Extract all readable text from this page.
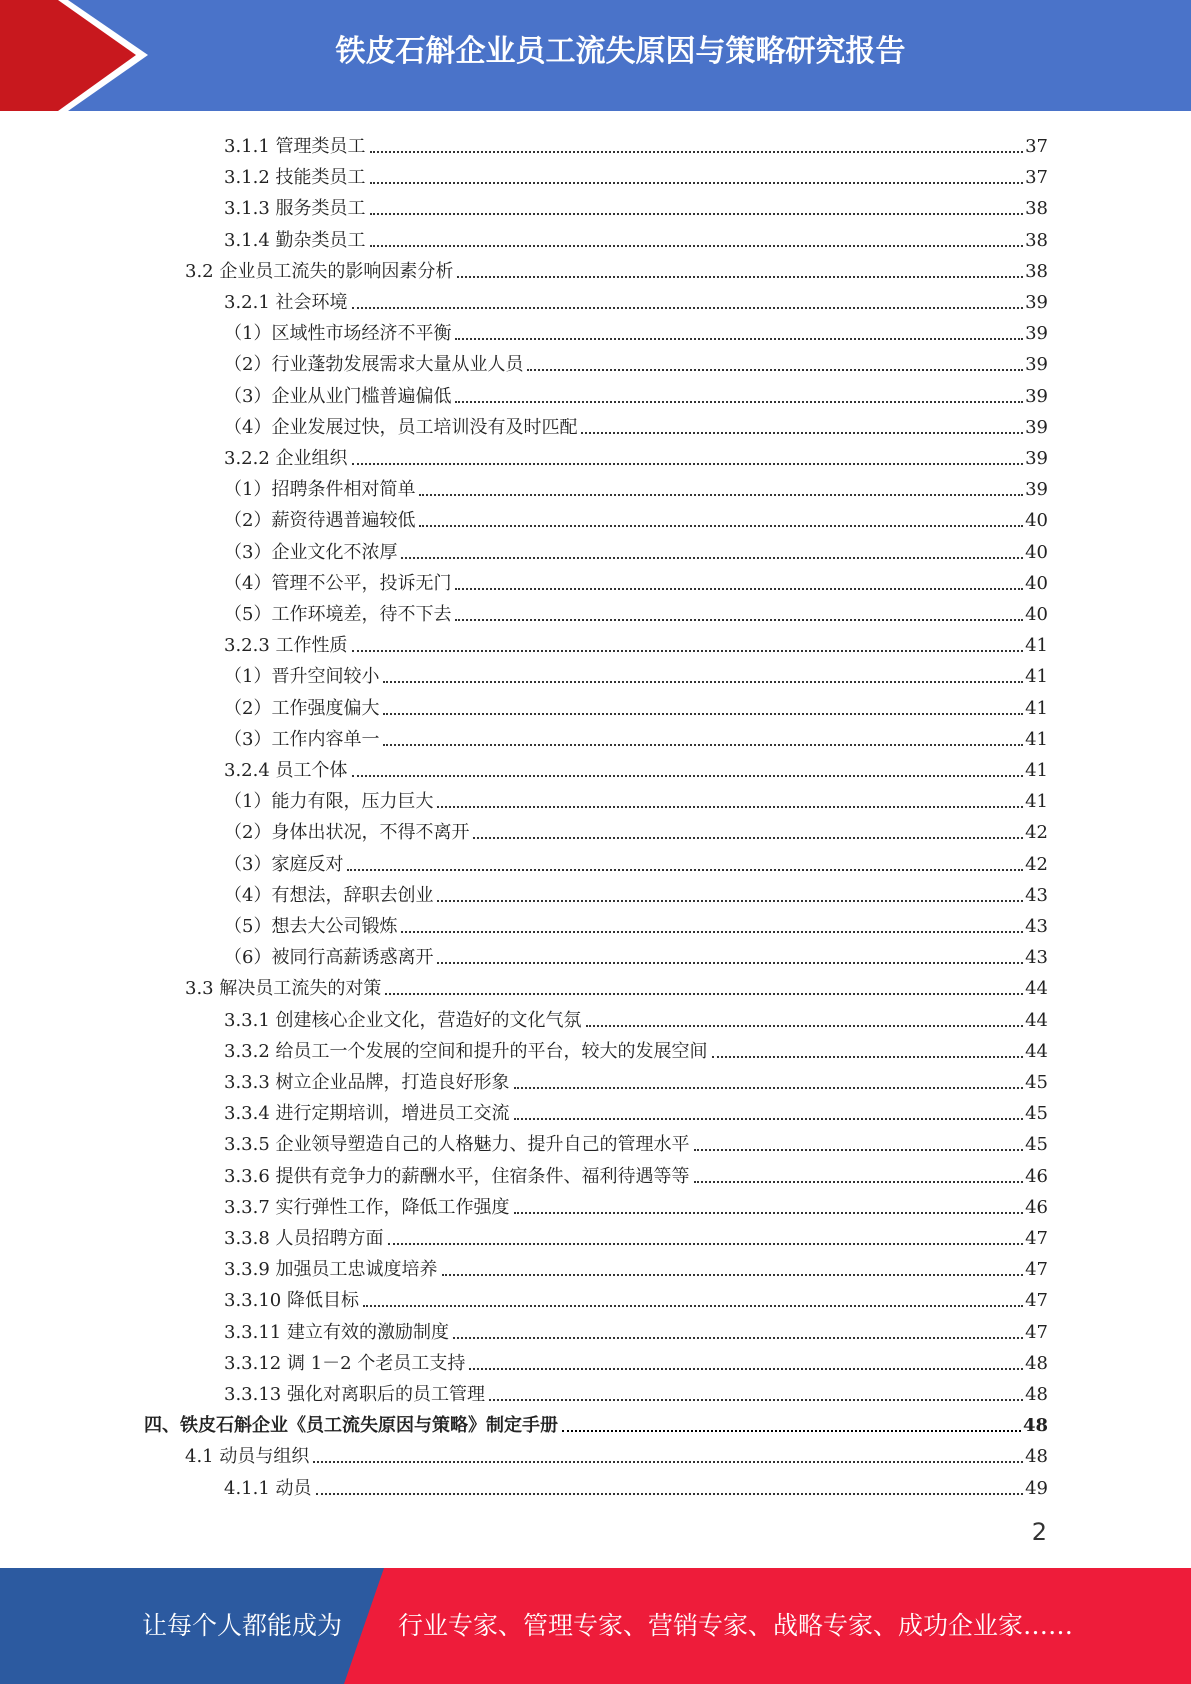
铁皮石斛企业员工流失原因与策略研究报告
3.1.1 管理类员工	37
3.1.2 技能类员工	37
3.1.3 服务类员工	38
3.1.4 勤杂类员工	38
3.2 企业员工流失的影响因素分析	38
3.2.1 社会环境	39
（1）区域性市场经济不平衡	39
（2）行业蓬勃发展需求大量从业人员	39
（3）企业从业门槛普遍偏低	39
（4）企业发展过快，员工培训没有及时匹配	39
3.2.2 企业组织	39
（1）招聘条件相对简单	39
（2）薪资待遇普遍较低	40
（3）企业文化不浓厚	40
（4）管理不公平，投诉无门	40
（5）工作环境差，待不下去	40
3.2.3 工作性质	41
（1）晋升空间较小	41
（2）工作强度偏大	41
（3）工作内容单一	41
3.2.4 员工个体	41
（1）能力有限，压力巨大	41
（2）身体出状况，不得不离开	42
（3）家庭反对	42
（4）有想法，辞职去创业	43
（5）想去大公司锻炼	43
（6）被同行高薪诱惑离开	43
3.3 解决员工流失的对策	44
3.3.1 创建核心企业文化，营造好的文化气氛	44
3.3.2 给员工一个发展的空间和提升的平台，较大的发展空间	44
3.3.3 树立企业品牌，打造良好形象	45
3.3.4 进行定期培训，增进员工交流	45
3.3.5 企业领导塑造自己的人格魅力、提升自己的管理水平	45
3.3.6 提供有竞争力的薪酬水平，住宿条件、福利待遇等等	46
3.3.7 实行弹性工作，降低工作强度	46
3.3.8 人员招聘方面	47
3.3.9 加强员工忠诚度培养	47
3.3.10 降低目标	47
3.3.11 建立有效的激励制度	47
3.3.12 调 1－2 个老员工支持	48
3.3.13 强化对离职后的员工管理	48
四、铁皮石斛企业《员工流失原因与策略》制定手册	48
4.1 动员与组织	48
4.1.1 动员	49
2
让每个人都能成为 行业专家、管理专家、营销专家、战略专家、成功企业家……
